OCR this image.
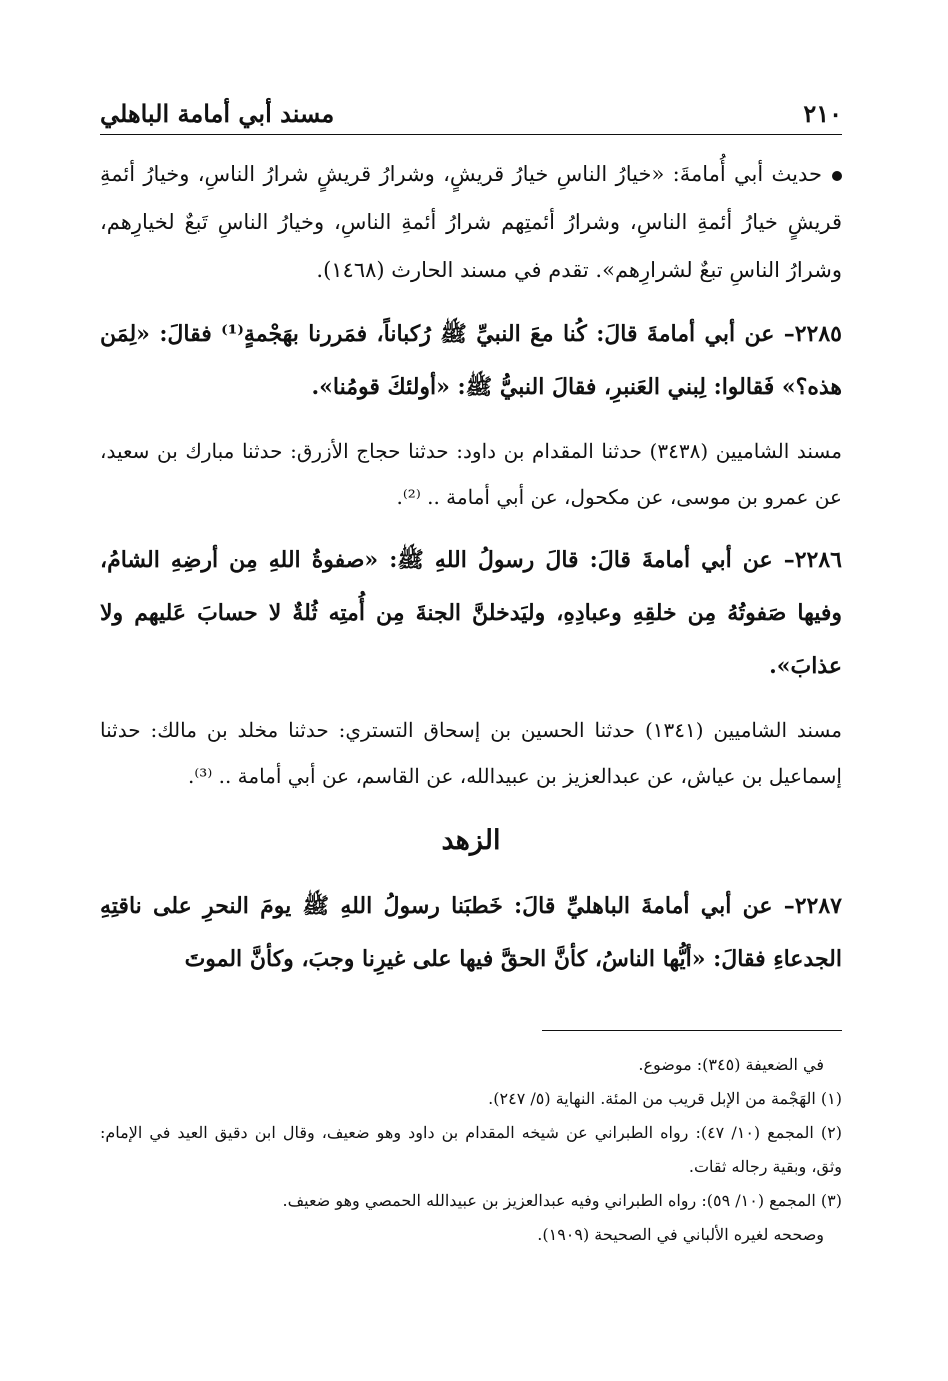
٢١٠
مسند أبي أمامة الباهلي

حديث أبي أُمامةَ: «خيارُ الناسِ خيارُ قريشٍ، وشرارُ قريشٍ شرارُ الناسِ، وخيارُ أئمةِ قريشٍ خيارُ أئمةِ الناسِ، وشرارُ أئمتِهم شرارُ أئمةِ الناسِ، وخيارُ الناسِ تَبعٌ لخيارِهم، وشرارُ الناسِ تبعٌ لشرارِهم». تقدم في مسند الحارث (١٤٦٨).

٢٢٨٥– عن أبي أمامةَ قالَ: كُنا معَ النبيِّ ﷺ رُكباناً، فمَررنا بهَجْمةٍ⁽¹⁾ فقالَ: «لِمَن هذه؟» فَقالوا: لِبني العَنبرِ، فقالَ النبيُّ ﷺ: «أولئكَ قومُنا».

مسند الشاميين (٣٤٣٨) حدثنا المقدام بن داود: حدثنا حجاج الأزرق: حدثنا مبارك بن سعيد، عن عمرو بن موسى، عن مكحول، عن أبي أمامة .. ⁽²⁾.

٢٢٨٦– عن أبي أمامةَ قالَ: قالَ رسولُ اللهِ ﷺ: «صفوةُ اللهِ مِن أرضِهِ الشامُ، وفيها صَفوتُهُ مِن خلقِهِ وعبادِهِ، وليَدخلنَّ الجنةَ مِن أُمتِه ثُلةٌ لا حسابَ عَليهم ولا عذابَ».

مسند الشاميين (١٣٤١) حدثنا الحسين بن إسحاق التستري: حدثنا مخلد بن مالك: حدثنا إسماعيل بن عياش، عن عبدالعزيز بن عبيدالله، عن القاسم، عن أبي أمامة .. ⁽³⁾.

الزهد

٢٢٨٧– عن أبي أمامةَ الباهليِّ قالَ: خَطبَنا رسولُ اللهِ ﷺ يومَ النحرِ على ناقتِهِ الجدعاءِ فقالَ: «أيُّها الناسُ، كأنَّ الحقَّ فيها على غيرِنا وجبَ، وكأنَّ الموتَ

في الضعيفة (٣٤٥): موضوع.

(١) الهَجْمة من الإبل قريب من المئة. النهاية (٥/ ٢٤٧).

(٢) المجمع (١٠/ ٤٧): رواه الطبراني عن شيخه المقدام بن داود وهو ضعيف، وقال ابن دقيق العيد في الإمام: وثق، وبقية رجاله ثقات.

(٣) المجمع (١٠/ ٥٩): رواه الطبراني وفيه عبدالعزيز بن عبيدالله الحمصي وهو ضعيف.

وصححه لغيره الألباني في الصحيحة (١٩٠٩).
